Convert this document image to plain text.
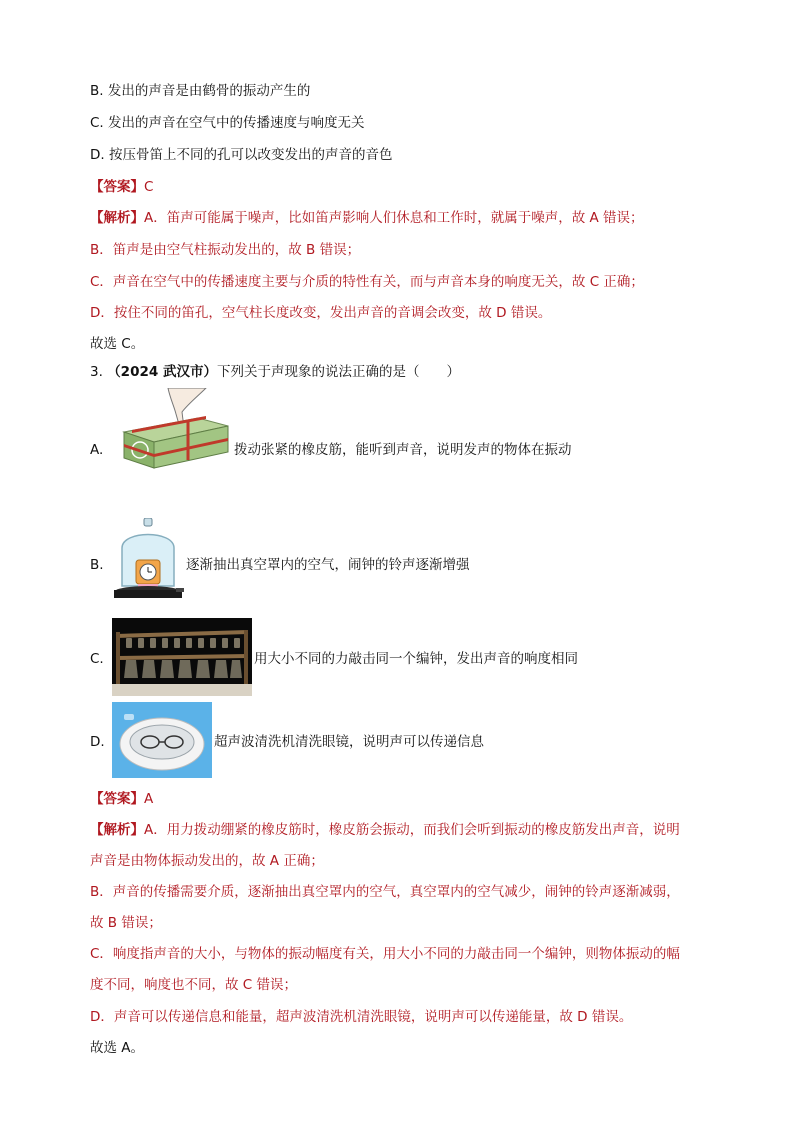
B. 发出的声音是由鹤骨的振动产生的
C. 发出的声音在空气中的传播速度与响度无关
D. 按压骨笛上不同的孔可以改变发出的声音的音色
【答案】C
【解析】A．笛声可能属于噪声，比如笛声影响人们休息和工作时，就属于噪声，故 A 错误；
B．笛声是由空气柱振动发出的，故 B 错误；
C．声音在空气中的传播速度主要与介质的特性有关，而与声音本身的响度无关，故 C 正确；
D．按住不同的笛孔，空气柱长度改变，发出声音的音调会改变，故 D 错误。
故选 C。
3. （2024 武汉市）下列关于声现象的说法正确的是（　　）
A.	拨动张紧的橡皮筋，能听到声音，说明发声的物体在振动
B.	逐渐抽出真空罩内的空气，闹钟的铃声逐渐增强
C.	用大小不同的力敲击同一个编钟，发出声音的响度相同
D.	超声波清洗机清洗眼镜，说明声可以传递信息
【答案】A
【解析】A．用力拨动绷紧的橡皮筋时，橡皮筋会振动，而我们会听到振动的橡皮筋发出声音，说明
声音是由物体振动发出的，故 A 正确；
B．声音的传播需要介质，逐渐抽出真空罩内的空气，真空罩内的空气减少，闹钟的铃声逐渐减弱，
故 B 错误；
C．响度指声音的大小，与物体的振动幅度有关，用大小不同的力敲击同一个编钟，则物体振动的幅
度不同，响度也不同，故 C 错误；
D．声音可以传递信息和能量，超声波清洗机清洗眼镜，说明声可以传递能量，故 D 错误。
故选 A。
